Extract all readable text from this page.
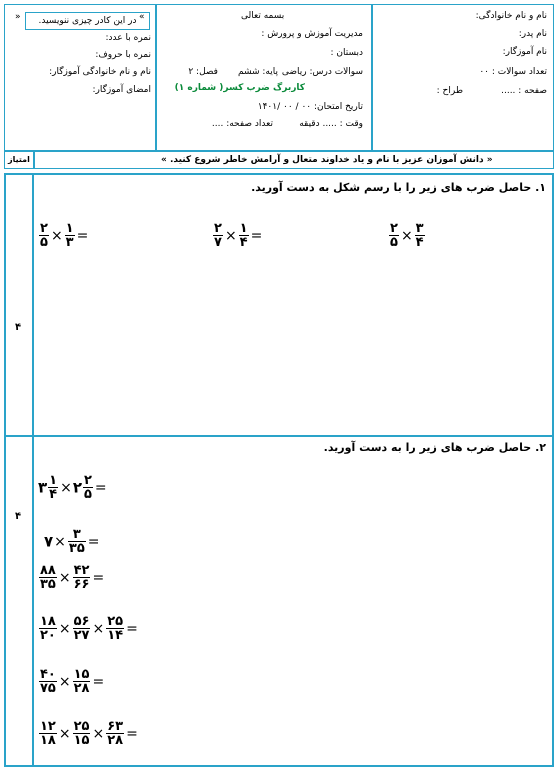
نام و نام خانوادگی:
نام پدر:
نام آموزگار:
تعداد سوالات : ۰۰
صفحه : .....
طراح :
بسمه تعالی
مدیریت آموزش و پرورش :
دبستان :
سوالات درس: ریاضی
پایه: ششم
فصل: ۲
کاربرگ ضرب کسر( شماره ۱)
تاریخ امتحان: ۰۰ / ۰۰ /۱۴۰۱
وقت : ..... دقیقه
تعداد صفحه: ....
«
در این کادر چیزی ننویسید.
»
نمره با عدد:
نمره با حروف:
نام و نام خانوادگی آموزگار:
امضای آموزگار:
امتیاز	« دانش آموزان عزیز با نام و یاد خداوند متعال و آرامش خاطر شروع کنید. »
۱. حاصل ضرب های زیر را با رسم شکل به دست آورید.
۴
$\frac{۲}{۵} \times \frac{۱}{۳}$ =	$\frac{۲}{۷} \times \frac{۱}{۴}$ =	$\frac{۲}{۵} \times \frac{۳}{۴}$
۲. حاصل ضرب های زیر را به دست آورید.
۴
۳ $\frac{۱}{۴}$ ×۲ $\frac{۲}{۵}$ =
۷× $\frac{۳}{۳۵}$ =
$\frac{۸۸}{۳۵} \times \frac{۴۲}{۶۶}$ =
$\frac{۱۸}{۲۰} \times \frac{۵۶}{۲۷} \times \frac{۲۵}{۱۴}$ =
$\frac{۴۰}{۷۵} \times \frac{۱۵}{۲۸}$ =
$\frac{۱۲}{۱۸} \times \frac{۲۵}{۱۵} \times \frac{۶۳}{۲۸}$ =
